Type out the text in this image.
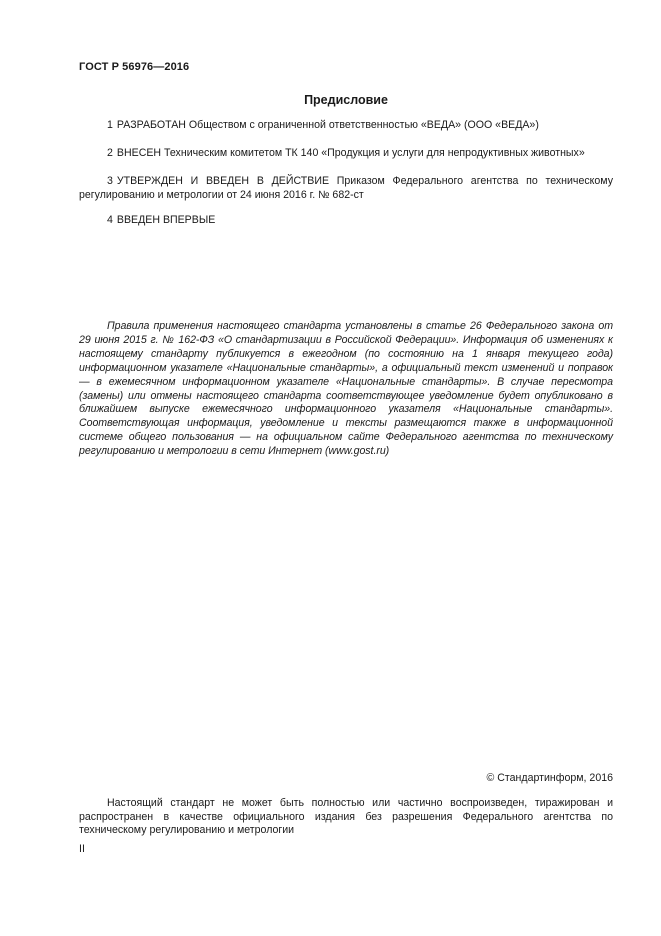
ГОСТ Р 56976—2016
Предисловие
1 РАЗРАБОТАН Обществом с ограниченной ответственностью «ВЕДА» (ООО «ВЕДА»)
2 ВНЕСЕН Техническим комитетом ТК 140 «Продукция и услуги для непродуктивных животных»
3 УТВЕРЖДЕН И ВВЕДЕН В ДЕЙСТВИЕ Приказом Федерального агентства по техническому регулированию и метрологии от 24 июня 2016 г. № 682-ст
4 ВВЕДЕН ВПЕРВЫЕ
Правила применения настоящего стандарта установлены в статье 26 Федерального закона от 29 июня 2015 г. № 162-ФЗ «О стандартизации в Российской Федерации». Информация об изменениях к настоящему стандарту публикуется в ежегодном (по состоянию на 1 января текущего года) информационном указателе «Национальные стандарты», а официальный текст изменений и поправок — в ежемесячном информационном указателе «Национальные стандарты». В случае пересмотра (замены) или отмены настоящего стандарта соответствующее уведомление будет опубликовано в ближайшем выпуске ежемесячного информационного указателя «Национальные стандарты». Соответствующая информация, уведомление и тексты размещаются также в информационной системе общего пользования — на официальном сайте Федерального агентства по техническому регулированию и метрологии в сети Интернет (www.gost.ru)
© Стандартинформ, 2016
Настоящий стандарт не может быть полностью или частично воспроизведен, тиражирован и распространен в качестве официального издания без разрешения Федерального агентства по техническому регулированию и метрологии
II
